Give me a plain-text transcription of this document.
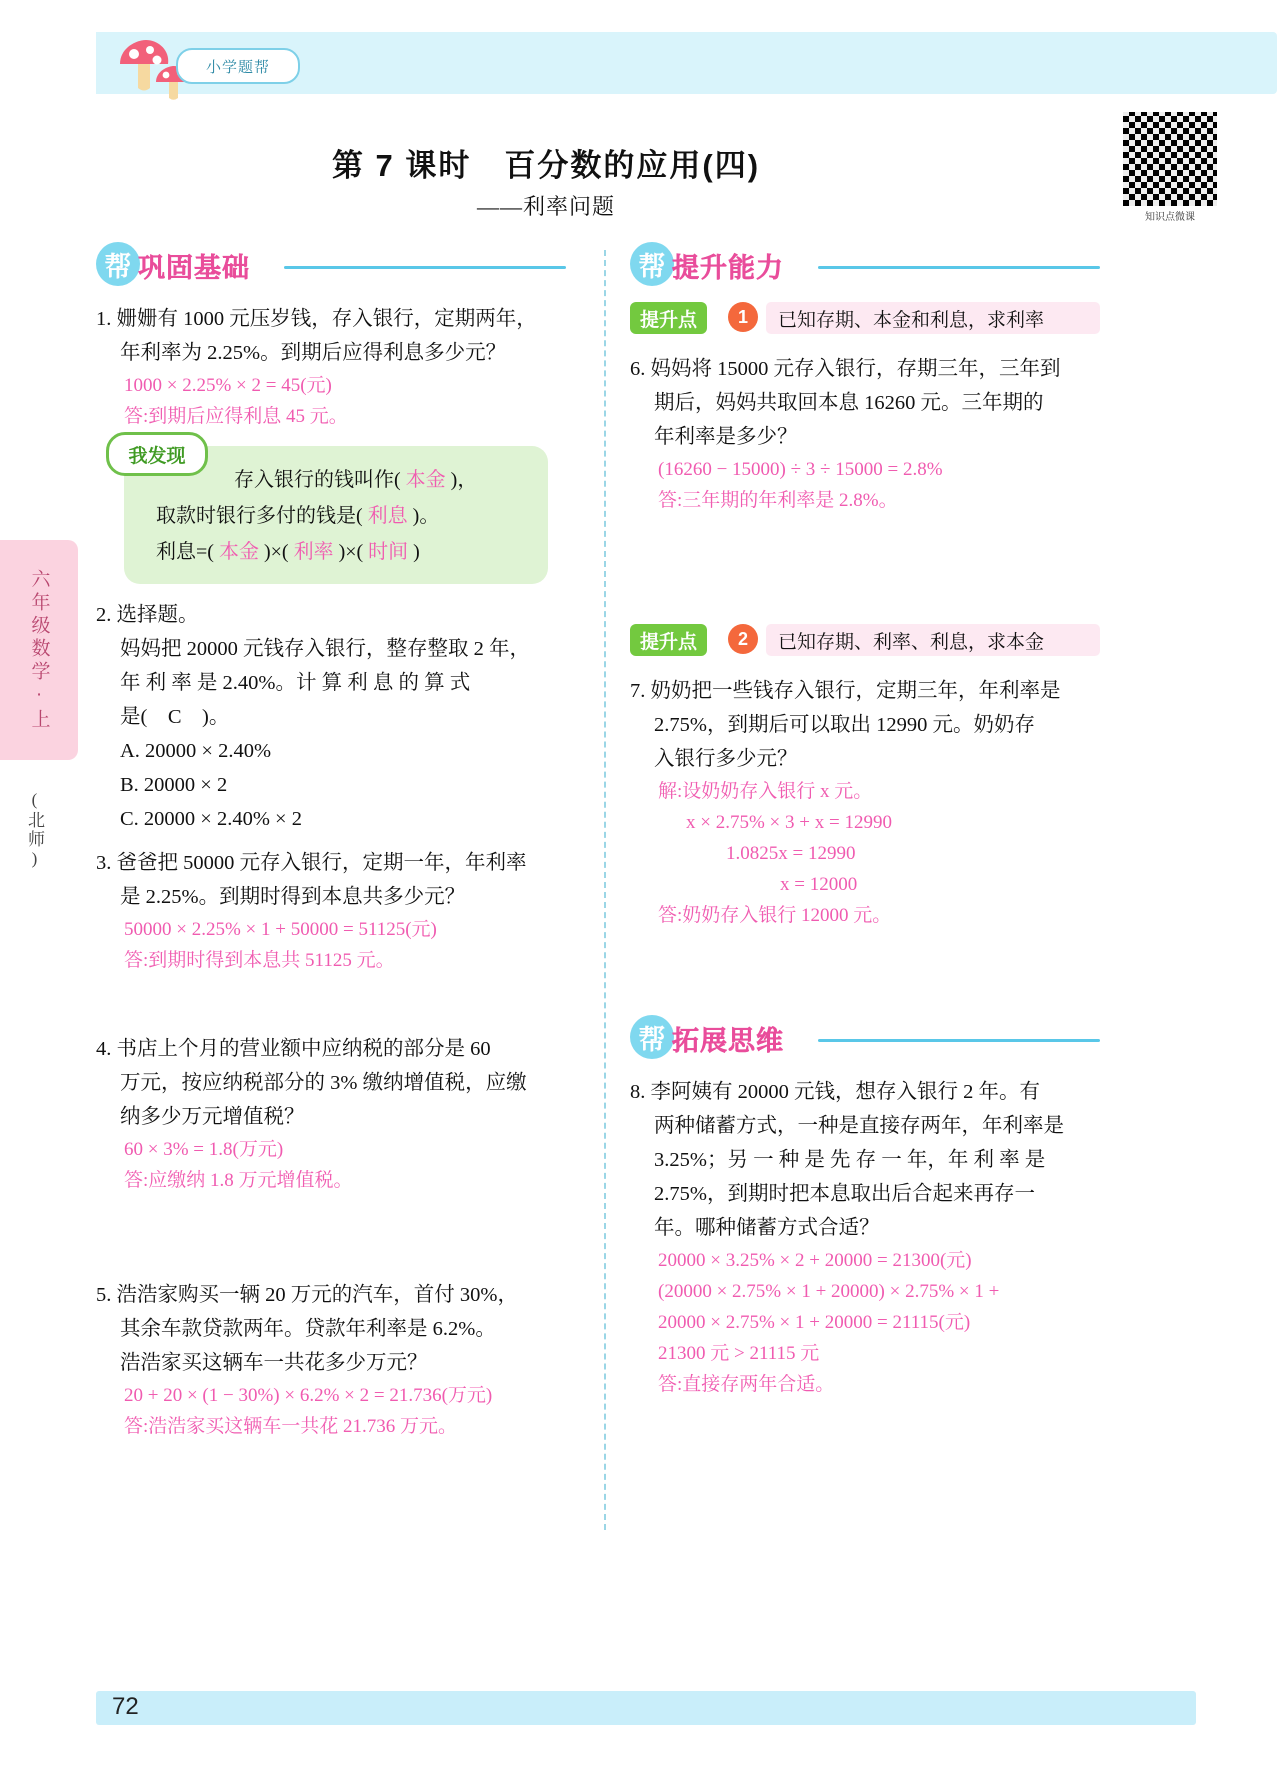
小学题帮
六年级数学·上
(北师)
第 7 课时　百分数的应用(四)
——利率问题	知识点微课
帮 巩固基础
1. 姗姗有 1000 元压岁钱，存入银行，定期两年，
年利率为 2.25%。到期后应得利息多少元？
1000 × 2.25% × 2 = 45(元)
答:到期后应得利息 45 元。
我发现
存入银行的钱叫作( 本金 )，
取款时银行多付的钱是( 利息 )。
利息=( 本金 )×( 利率 )×( 时间 )
2. 选择题。
妈妈把 20000 元钱存入银行，整存整取 2 年，
年 利 率 是 2.40%。计 算 利 息 的 算 式
是(　C　)。
A. 20000 × 2.40%
B. 20000 × 2
C. 20000 × 2.40% × 2
3. 爸爸把 50000 元存入银行，定期一年，年利率
是 2.25%。到期时得到本息共多少元？
50000 × 2.25% × 1 + 50000 = 51125(元)
答:到期时得到本息共 51125 元。
4. 书店上个月的营业额中应纳税的部分是 60
万元，按应纳税部分的 3% 缴纳增值税，应缴
纳多少万元增值税？
60 × 3% = 1.8(万元)
答:应缴纳 1.8 万元增值税。
5. 浩浩家购买一辆 20 万元的汽车，首付 30%，
其余车款贷款两年。贷款年利率是 6.2%。
浩浩家买这辆车一共花多少万元？
20 + 20 × (1 − 30%) × 6.2% × 2 = 21.736(万元)
答:浩浩家买这辆车一共花 21.736 万元。
帮 提升能力
提升点	1	已知存期、本金和利息，求利率
6. 妈妈将 15000 元存入银行，存期三年，三年到
期后，妈妈共取回本息 16260 元。三年期的
年利率是多少？
(16260 − 15000) ÷ 3 ÷ 15000 = 2.8%
答:三年期的年利率是 2.8%。
提升点	2	已知存期、利率、利息，求本金
7. 奶奶把一些钱存入银行，定期三年，年利率是
2.75%，到期后可以取出 12990 元。奶奶存
入银行多少元？
解:设奶奶存入银行 x 元。
x × 2.75% × 3 + x = 12990
1.0825x = 12990
x = 12000
答:奶奶存入银行 12000 元。
帮 拓展思维
8. 李阿姨有 20000 元钱，想存入银行 2 年。有
两种储蓄方式，一种是直接存两年，年利率是
3.25%；另 一 种 是 先 存 一 年，年 利 率 是
2.75%，到期时把本息取出后合起来再存一
年。哪种储蓄方式合适？
20000 × 3.25% × 2 + 20000 = 21300(元)
(20000 × 2.75% × 1 + 20000) × 2.75% × 1 +
20000 × 2.75% × 1 + 20000 = 21115(元)
21300 元 > 21115 元
答:直接存两年合适。
72
